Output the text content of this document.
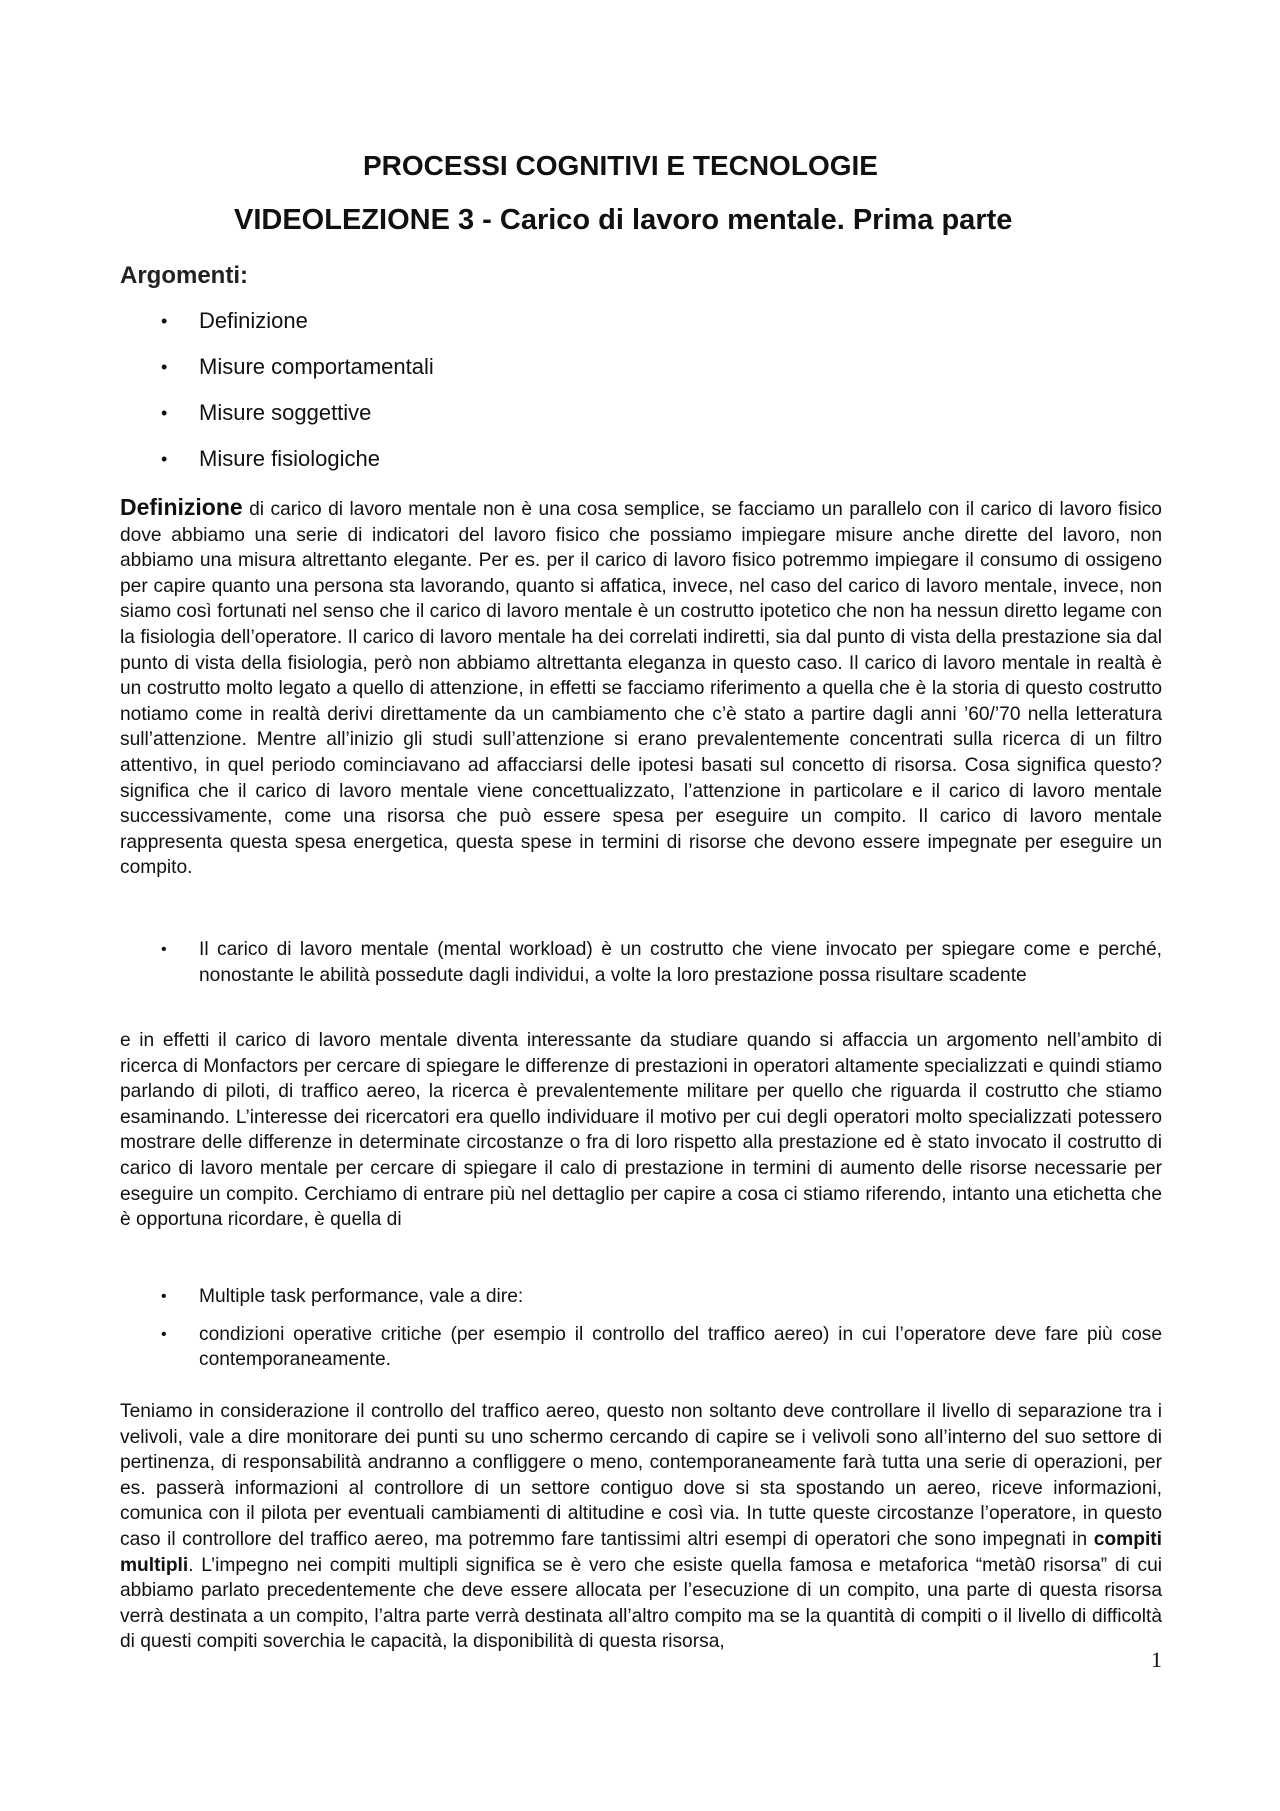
PROCESSI COGNITIVI E TECNOLOGIE
VIDEOLEZIONE 3 - Carico di lavoro mentale. Prima parte
Argomenti:
• Definizione
• Misure comportamentali
• Misure soggettive
• Misure fisiologiche

Definizione di carico di lavoro mentale non è una cosa semplice, se facciamo un parallelo con il carico di lavoro fisico dove abbiamo una serie di indicatori del lavoro fisico che possiamo impiegare misure anche dirette del lavoro, non abbiamo una misura altrettanto elegante. Per es. per il carico di lavoro fisico potremmo impiegare il consumo di ossigeno per capire quanto una persona sta lavorando, quanto si affatica, invece, nel caso del carico di lavoro mentale, invece, non siamo così fortunati nel senso che il carico di lavoro mentale è un costrutto ipotetico che non ha nessun diretto legame con la fisiologia dell’operatore. Il carico di lavoro mentale ha dei correlati indiretti, sia dal punto di vista della prestazione sia dal punto di vista della fisiologia, però non abbiamo altrettanta eleganza in questo caso. Il carico di lavoro mentale in realtà è un costrutto molto legato a quello di attenzione, in effetti se facciamo riferimento a quella che è la storia di questo costrutto notiamo come in realtà derivi direttamente da un cambiamento che c’è stato a partire dagli anni ’60/’70 nella letteratura sull’attenzione. Mentre all’inizio gli studi sull’attenzione si erano prevalentemente concentrati sulla ricerca di un filtro attentivo, in quel periodo cominciavano ad affacciarsi delle ipotesi basati sul concetto di risorsa. Cosa significa questo? significa che il carico di lavoro mentale viene concettualizzato, l’attenzione in particolare e il carico di lavoro mentale successivamente, come una risorsa che può essere spesa per eseguire un compito. Il carico di lavoro mentale rappresenta questa spesa energetica, questa spese in termini di risorse che devono essere impegnate per eseguire un compito.

• Il carico di lavoro mentale (mental workload) è un costrutto che viene invocato per spiegare come e perché, nonostante le abilità possedute dagli individui, a volte la loro prestazione possa risultare scadente

e in effetti il carico di lavoro mentale diventa interessante da studiare quando si affaccia un argomento nell’ambito di ricerca di Monfactors per cercare di spiegare le differenze di prestazioni in operatori altamente specializzati e quindi stiamo parlando di piloti, di traffico aereo, la ricerca è prevalentemente militare per quello che riguarda il costrutto che stiamo esaminando. L’interesse dei ricercatori era quello individuare il motivo per cui degli operatori molto specializzati potessero mostrare delle differenze in determinate circostanze o fra di loro rispetto alla prestazione ed è stato invocato il costrutto di carico di lavoro mentale per cercare di spiegare il calo di prestazione in termini di aumento delle risorse necessarie per eseguire un compito. Cerchiamo di entrare più nel dettaglio per capire a cosa ci stiamo riferendo, intanto una etichetta che è opportuna ricordare, è quella di

• Multiple task performance, vale a dire:
• condizioni operative critiche (per esempio il controllo del traffico aereo) in cui l’operatore deve fare più cose contemporaneamente.

Teniamo in considerazione il controllo del traffico aereo, questo non soltanto deve controllare il livello di separazione tra i velivoli, vale a dire monitorare dei punti su uno schermo cercando di capire se i velivoli sono all’interno del suo settore di pertinenza, di responsabilità andranno a confliggere o meno, contemporaneamente farà tutta una serie di operazioni, per es. passerà informazioni al controllore di un settore contiguo dove si sta spostando un aereo, riceve informazioni, comunica con il pilota per eventuali cambiamenti di altitudine e così via. In tutte queste circostanze l’operatore, in questo caso il controllore del traffico aereo, ma potremmo fare tantissimi altri esempi di operatori che sono impegnati in compiti multipli. L’impegno nei compiti multipli significa se è vero che esiste quella famosa e metaforica “metà0 risorsa” di cui abbiamo parlato precedentemente che deve essere allocata per l’esecuzione di un compito, una parte di questa risorsa verrà destinata a un compito, l’altra parte verrà destinata all’altro compito ma se la quantità di compiti o il livello di difficoltà di questi compiti soverchia le capacità, la disponibilità di questa risorsa,

1
